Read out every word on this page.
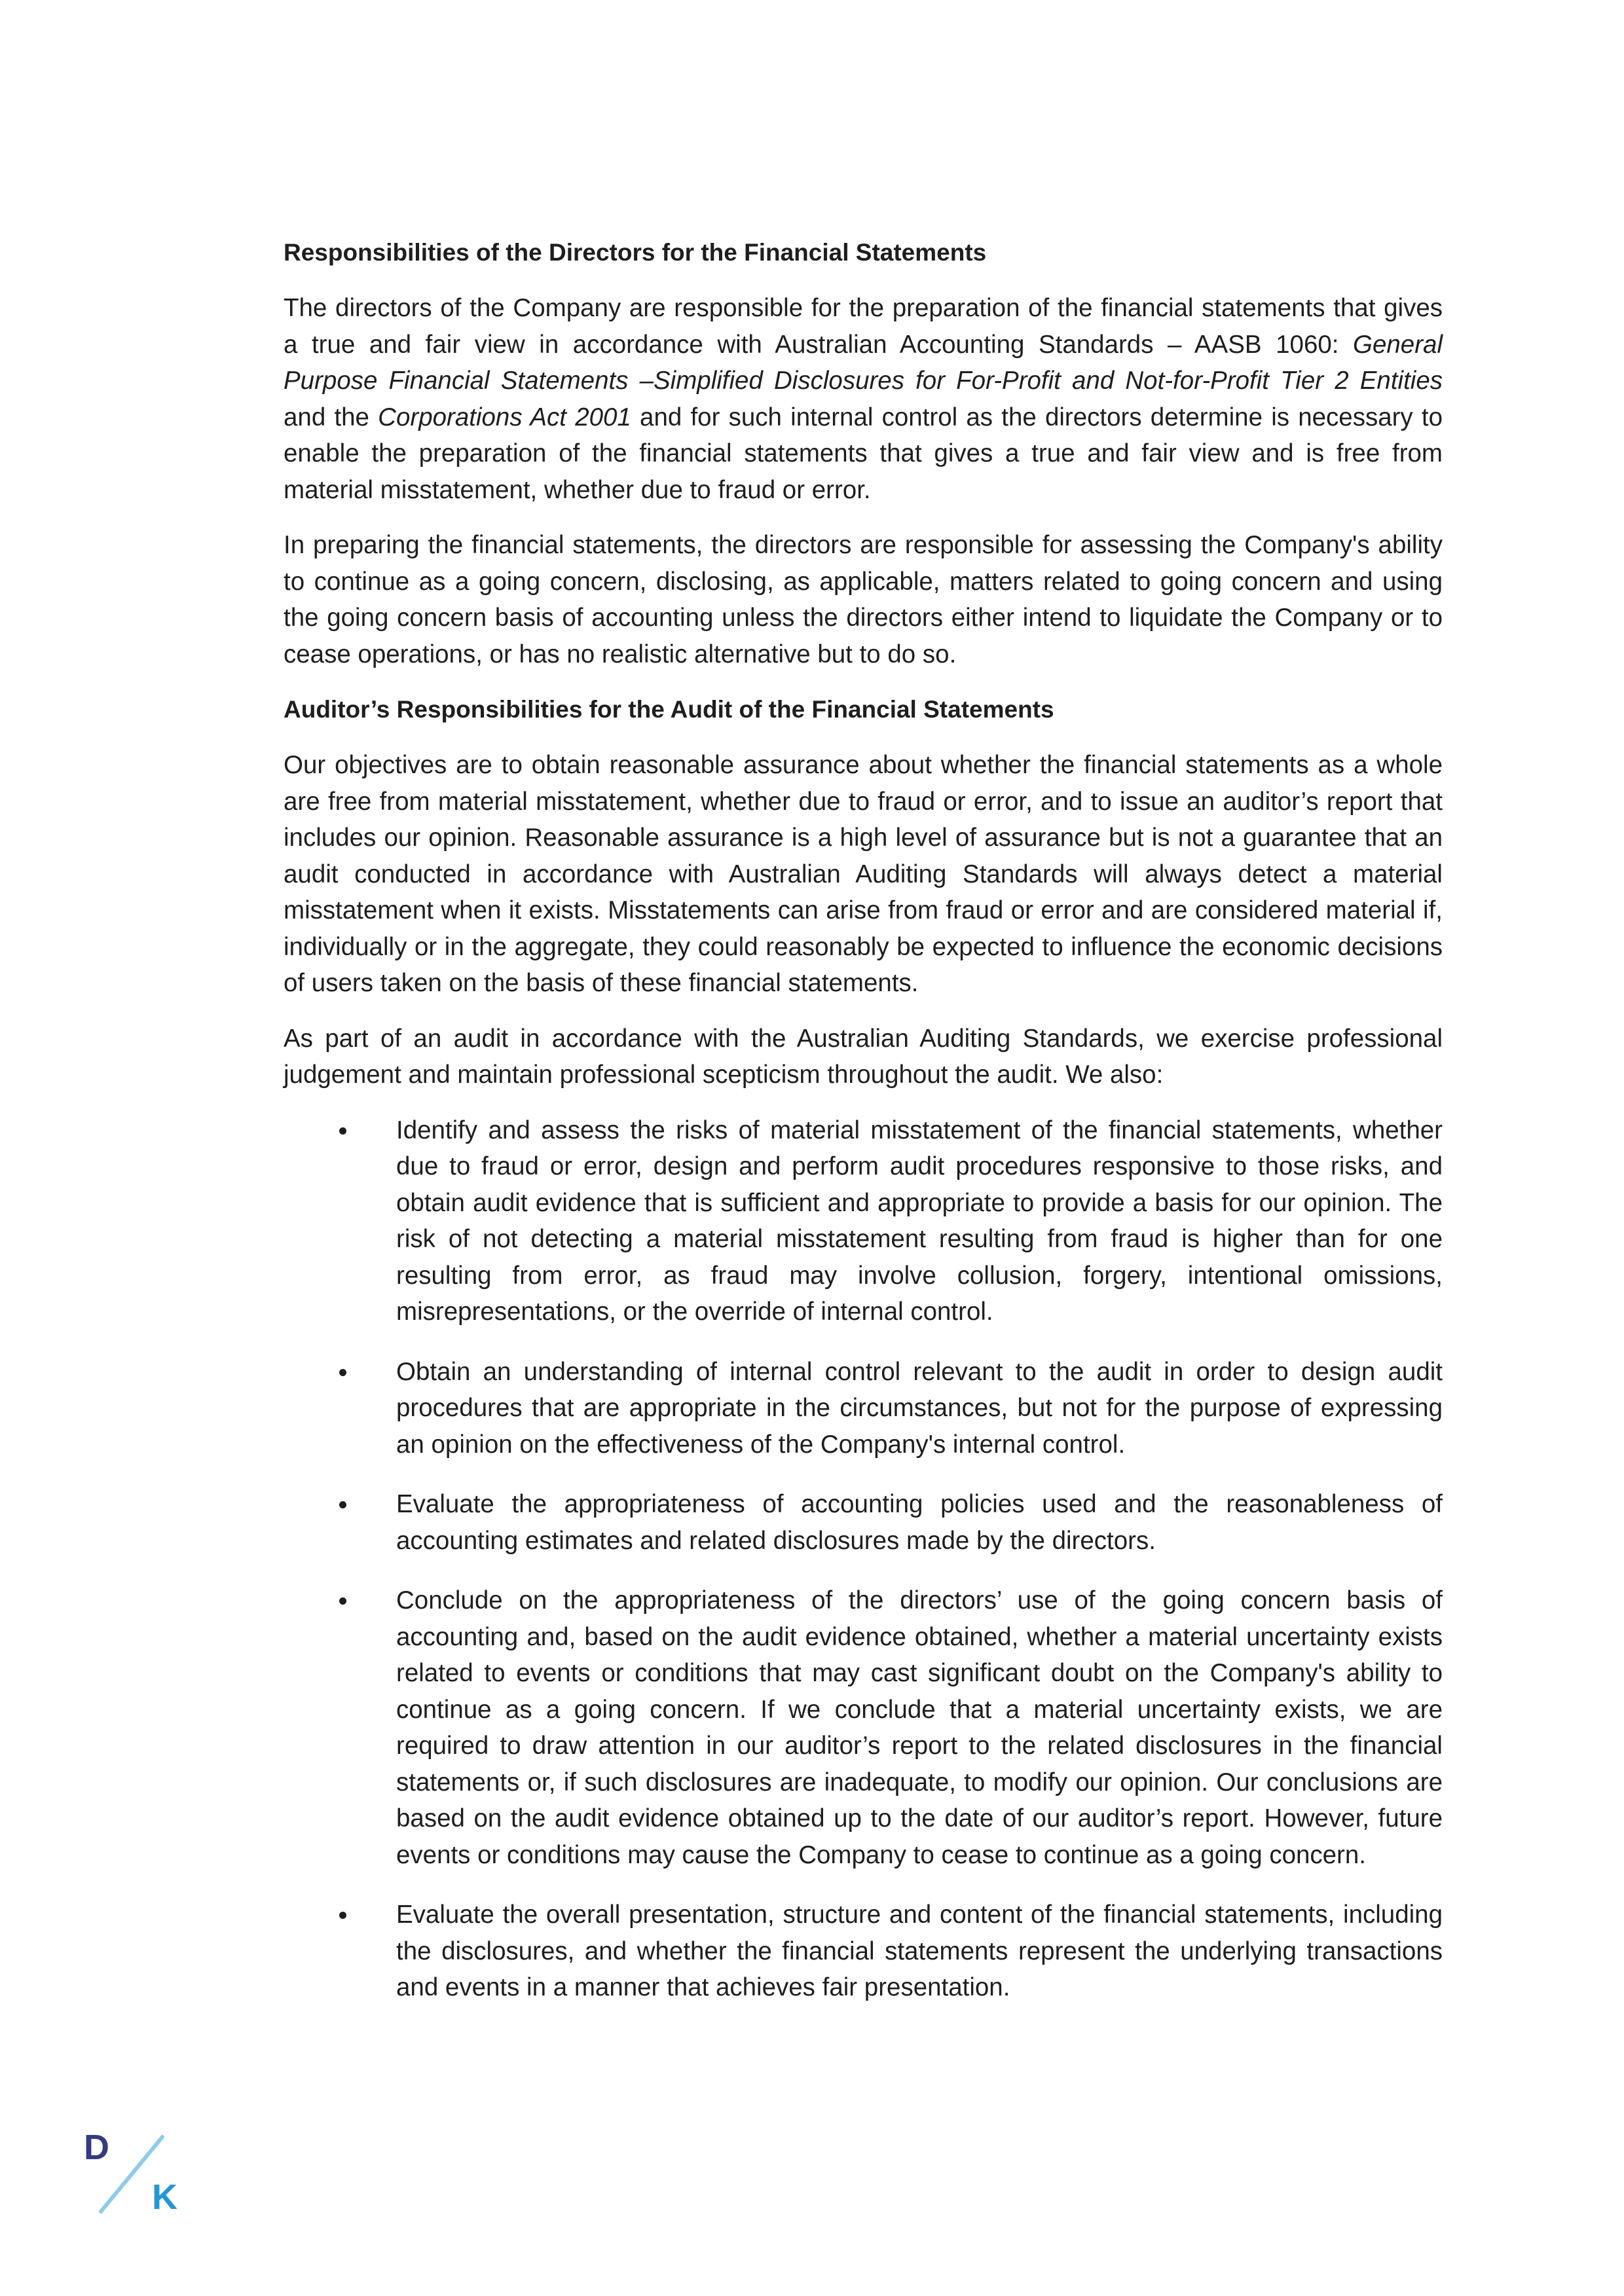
Responsibilities of the Directors for the Financial Statements

The directors of the Company are responsible for the preparation of the financial statements that gives a true and fair view in accordance with Australian Accounting Standards – AASB 1060: General Purpose Financial Statements –Simplified Disclosures for For-Profit and Not-for-Profit Tier 2 Entities and the Corporations Act 2001 and for such internal control as the directors determine is necessary to enable the preparation of the financial statements that gives a true and fair view and is free from material misstatement, whether due to fraud or error.

In preparing the financial statements, the directors are responsible for assessing the Company's ability to continue as a going concern, disclosing, as applicable, matters related to going concern and using the going concern basis of accounting unless the directors either intend to liquidate the Company or to cease operations, or has no realistic alternative but to do so.

Auditor’s Responsibilities for the Audit of the Financial Statements

Our objectives are to obtain reasonable assurance about whether the financial statements as a whole are free from material misstatement, whether due to fraud or error, and to issue an auditor’s report that includes our opinion. Reasonable assurance is a high level of assurance but is not a guarantee that an audit conducted in accordance with Australian Auditing Standards will always detect a material misstatement when it exists. Misstatements can arise from fraud or error and are considered material if, individually or in the aggregate, they could reasonably be expected to influence the economic decisions of users taken on the basis of these financial statements.

As part of an audit in accordance with the Australian Auditing Standards, we exercise professional judgement and maintain professional scepticism throughout the audit. We also:

Identify and assess the risks of material misstatement of the financial statements, whether due to fraud or error, design and perform audit procedures responsive to those risks, and obtain audit evidence that is sufficient and appropriate to provide a basis for our opinion. The risk of not detecting a material misstatement resulting from fraud is higher than for one resulting from error, as fraud may involve collusion, forgery, intentional omissions, misrepresentations, or the override of internal control.
Obtain an understanding of internal control relevant to the audit in order to design audit procedures that are appropriate in the circumstances, but not for the purpose of expressing an opinion on the effectiveness of the Company's internal control.
Evaluate the appropriateness of accounting policies used and the reasonableness of accounting estimates and related disclosures made by the directors.
Conclude on the appropriateness of the directors’ use of the going concern basis of accounting and, based on the audit evidence obtained, whether a material uncertainty exists related to events or conditions that may cast significant doubt on the Company's ability to continue as a going concern. If we conclude that a material uncertainty exists, we are required to draw attention in our auditor’s report to the related disclosures in the financial statements or, if such disclosures are inadequate, to modify our opinion. Our conclusions are based on the audit evidence obtained up to the date of our auditor’s report. However, future events or conditions may cause the Company to cease to continue as a going concern.
Evaluate the overall presentation, structure and content of the financial statements, including the disclosures, and whether the financial statements represent the underlying transactions and events in a manner that achieves fair presentation.
D
K
